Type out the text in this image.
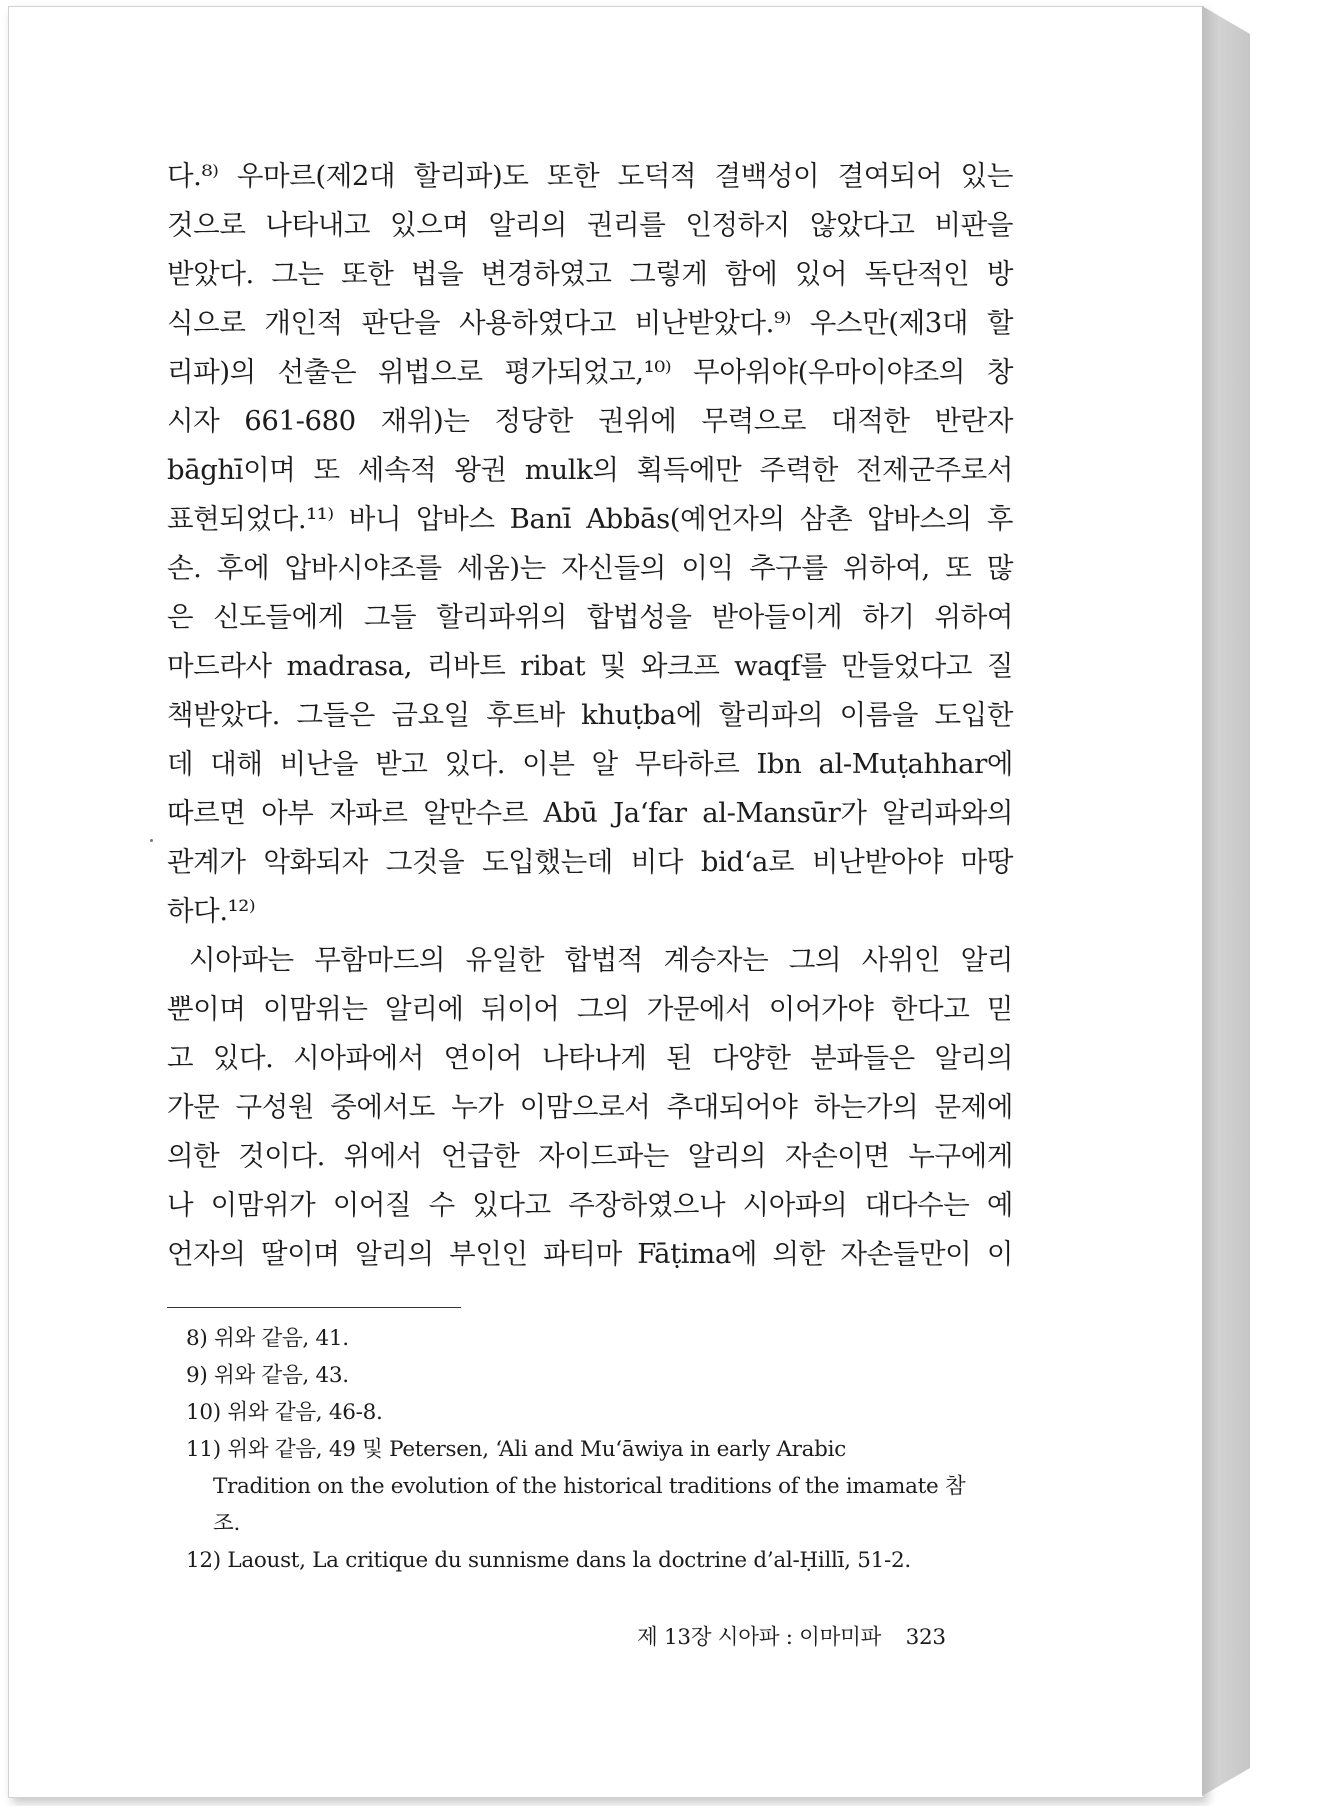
다.⁸⁾ 우마르(제2대 할리파)도 또한 도덕적 결백성이 결여되어 있는
것으로 나타내고 있으며 알리의 권리를 인정하지 않았다고 비판을
받았다. 그는 또한 법을 변경하였고 그렇게 함에 있어 독단적인 방
식으로 개인적 판단을 사용하였다고 비난받았다.⁹⁾ 우스만(제3대 할
리파)의 선출은 위법으로 평가되었고,¹⁰⁾ 무아위야(우마이야조의 창
시자 661-680 재위)는 정당한 권위에 무력으로 대적한 반란자
bāghī이며 또 세속적 왕권 mulk의 획득에만 주력한 전제군주로서
표현되었다.¹¹⁾ 바니 압바스 Banī Abbās(예언자의 삼촌 압바스의 후
손. 후에 압바시야조를 세움)는 자신들의 이익 추구를 위하여, 또 많
은 신도들에게 그들 할리파위의 합법성을 받아들이게 하기 위하여
마드라사 madrasa, 리바트 ribat 및 와크프 waqf를 만들었다고 질
책받았다. 그들은 금요일 후트바 khuṭba에 할리파의 이름을 도입한
데 대해 비난을 받고 있다. 이븐 알 무타하르 Ibn al-Muṭahhar에
따르면 아부 자파르 알만수르 Abū Ja‘far al-Mansūr가 알리파와의
관계가 악화되자 그것을 도입했는데 비다 bid‘a로 비난받아야 마땅
하다.¹²⁾
시아파는 무함마드의 유일한 합법적 계승자는 그의 사위인 알리
뿐이며 이맘위는 알리에 뒤이어 그의 가문에서 이어가야 한다고 믿
고 있다. 시아파에서 연이어 나타나게 된 다양한 분파들은 알리의
가문 구성원 중에서도 누가 이맘으로서 추대되어야 하는가의 문제에
의한 것이다. 위에서 언급한 자이드파는 알리의 자손이면 누구에게
나 이맘위가 이어질 수 있다고 주장하였으나 시아파의 대다수는 예
언자의 딸이며 알리의 부인인 파티마 Fāṭima에 의한 자손들만이 이
8) 위와 같음, 41.
9) 위와 같음, 43.
10) 위와 같음, 46-8.
11) 위와 같음, 49 및 Petersen, ‘Ali and Mu‘āwiya in early Arabic
Tradition on the evolution of the historical traditions of the imamate 참
조.
12) Laoust, La critique du sunnisme dans la doctrine d’al-Ḥillī, 51-2.
제 13장 시아파 : 이마미파 323
